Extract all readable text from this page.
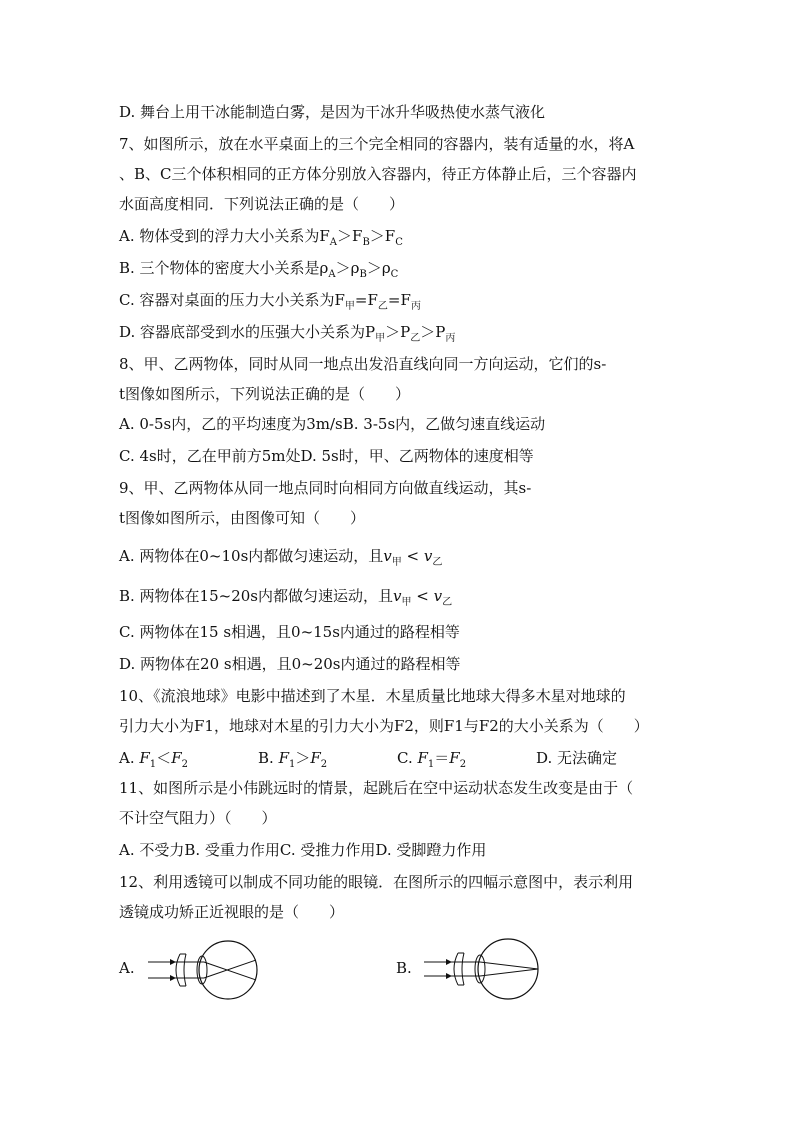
D. 舞台上用干冰能制造白雾，是因为干冰升华吸热使水蒸气液化
7、如图所示，放在水平桌面上的三个完全相同的容器内，装有适量的水，将A
、B、C三个体积相同的正方体分别放入容器内，待正方体静止后，三个容器内
水面高度相同．下列说法正确的是（　　）
A. 物体受到的浮力大小关系为$F_A>F_B>F_C$
B. 三个物体的密度大小关系是$\rho_A>\rho_B>\rho_C$
C. 容器对桌面的压力大小关系为$F_甲=F_乙=F_丙$
D. 容器底部受到水的压强大小关系为$P_甲>P_乙>P_丙$
8、甲、乙两物体，同时从同一地点出发沿直线向同一方向运动，它们的s-
t图像如图所示，下列说法正确的是（　　）
A. 0-5s内，乙的平均速度为3m/sB. 3-5s内，乙做匀速直线运动
C. 4s时，乙在甲前方5m处D. 5s时，甲、乙两物体的速度相等
9、甲、乙两物体从同一地点同时向相同方向做直线运动，其s-
t图像如图所示，由图像可知（　　）
A. 两物体在0~10s内都做匀速运动，且$v_甲 < v_乙$
B. 两物体在15~20s内都做匀速运动，且$v_甲 < v_乙$
C. 两物体在15 s相遇，且0~15s内通过的路程相等
D. 两物体在20 s相遇，且0~20s内通过的路程相等
10、《流浪地球》电影中描述到了木星．木星质量比地球大得多木星对地球的
引力大小为F1，地球对木星的引力大小为F2，则F1与F2的大小关系为（　　）
A. $F_1<F_2$	B. $F_1>F_2$	C. $F_1=F_2$	D. 无法确定
11、如图所示是小伟跳远时的情景，起跳后在空中运动状态发生改变是由于（
不计空气阻力）（　　）
A. 不受力B. 受重力作用C. 受推力作用D. 受脚蹬力作用
12、利用透镜可以制成不同功能的眼镜．在图所示的四幅示意图中，表示利用
透镜成功矫正近视眼的是（　　）
A.	B.
